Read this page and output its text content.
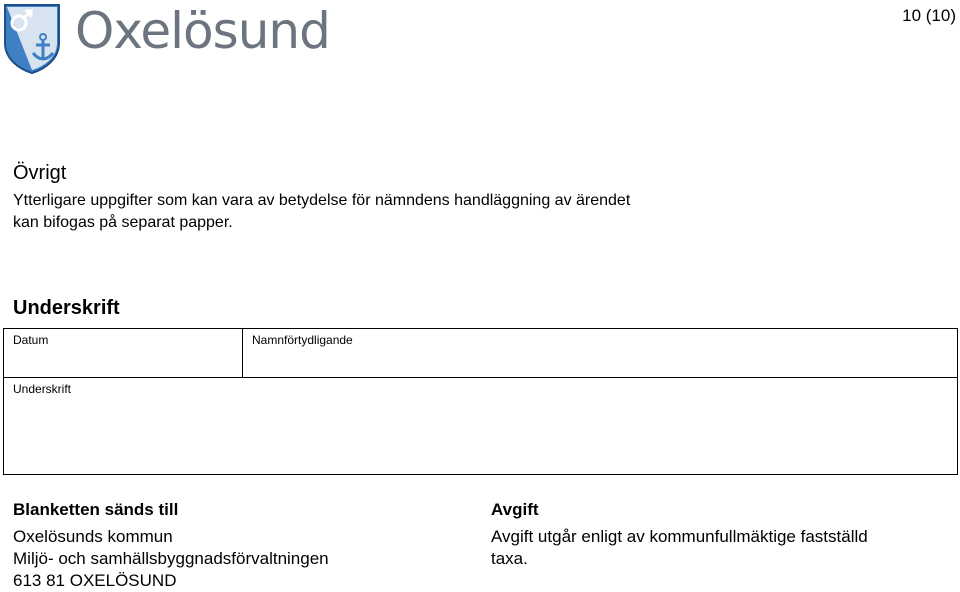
Oxelösund	10 (10)
Övrigt

Ytterligare uppgifter som kan vara av betydelse för nämndens handläggning av ärendet

kan bifogas på separat papper.

Underskrift
Datum	Namnförtydligande
Underskrift
Blanketten sänds till
Oxelösunds kommun
Miljö- och samhällsbyggnadsförvaltningen
613 81 OXELÖSUND
Avgift
Avgift utgår enligt av kommunfullmäktige fastställd
taxa.
